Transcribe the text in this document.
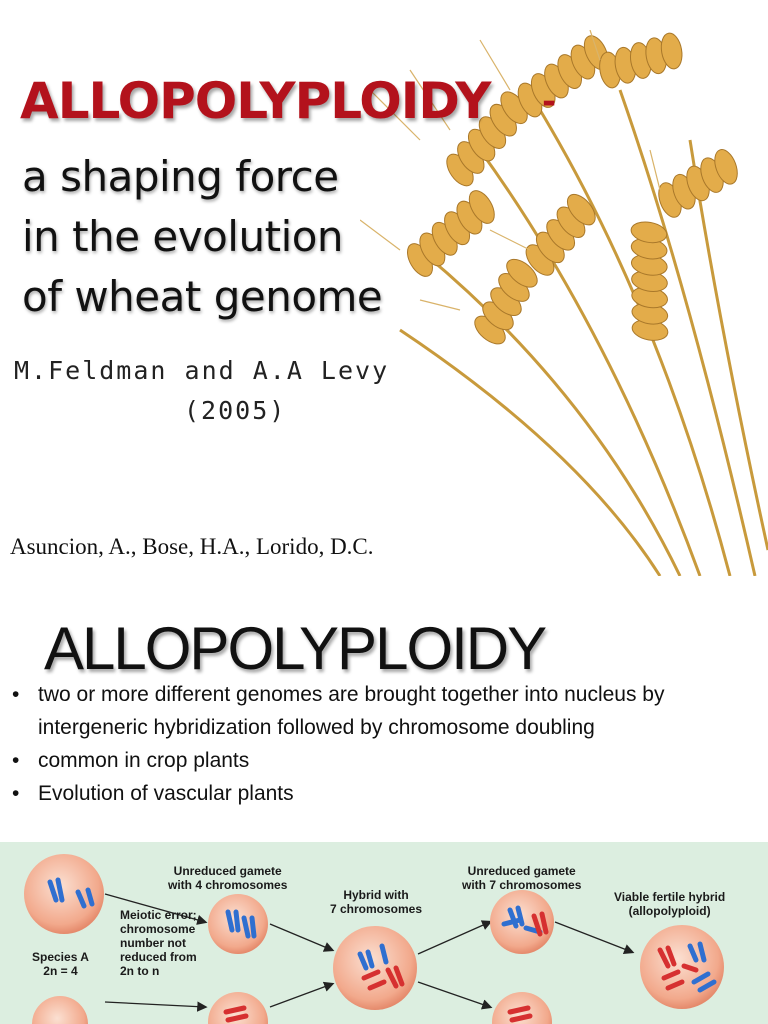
ALLOPOLYPLOIDY -
a shaping force
in the evolution
of wheat genome
M.Feldman and A.A Levy
(2005)
Asuncion, A., Bose, H.A., Lorido, D.C.
ALLOPOLYPLOIDY
• two or more different genomes are brought together into nucleus by intergeneric hybridization followed by chromosome doubling
• common in crop plants
• Evolution of vascular plants
Unreduced gamete
with 4 chromosomes
Meiotic error;
chromosome
number not
reduced from
2n to n
Species A
2n = 4
Hybrid with
7 chromosomes
Unreduced gamete
with 7 chromosomes
Viable fertile hybrid
(allopolyploid)
